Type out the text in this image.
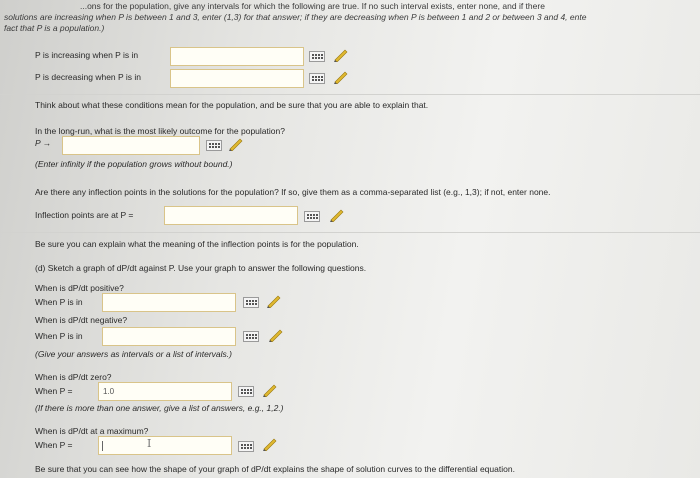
...ons for the population, give any intervals for which the following are true. If no such interval exists, enter none, and if there
solutions are increasing when P is between 1 and 3, enter (1,3) for that answer; if they are decreasing when P is between 1 and 2 or between 3 and 4, ente
fact that P is a population.)
P is increasing when P is in
P is decreasing when P is in
Think about what these conditions mean for the population, and be sure that you are able to explain that.
In the long-run, what is the most likely outcome for the population?
P →
(Enter infinity if the population grows without bound.)
Are there any inflection points in the solutions for the population? If so, give them as a comma-separated list (e.g., 1,3); if not, enter none.
Inflection points are at P =
Be sure you can explain what the meaning of the inflection points is for the population.
(d) Sketch a graph of dP/dt against P. Use your graph to answer the following questions.
When is dP/dt positive?
When P is in
When is dP/dt negative?
When P is in
(Give your answers as intervals or a list of intervals.)
When is dP/dt zero?
When P =	1.0
(If there is more than one answer, give a list of answers, e.g., 1,2.)
When is dP/dt at a maximum?
When P =	I
Be sure that you can see how the shape of your graph of dP/dt explains the shape of solution curves to the differential equation.
